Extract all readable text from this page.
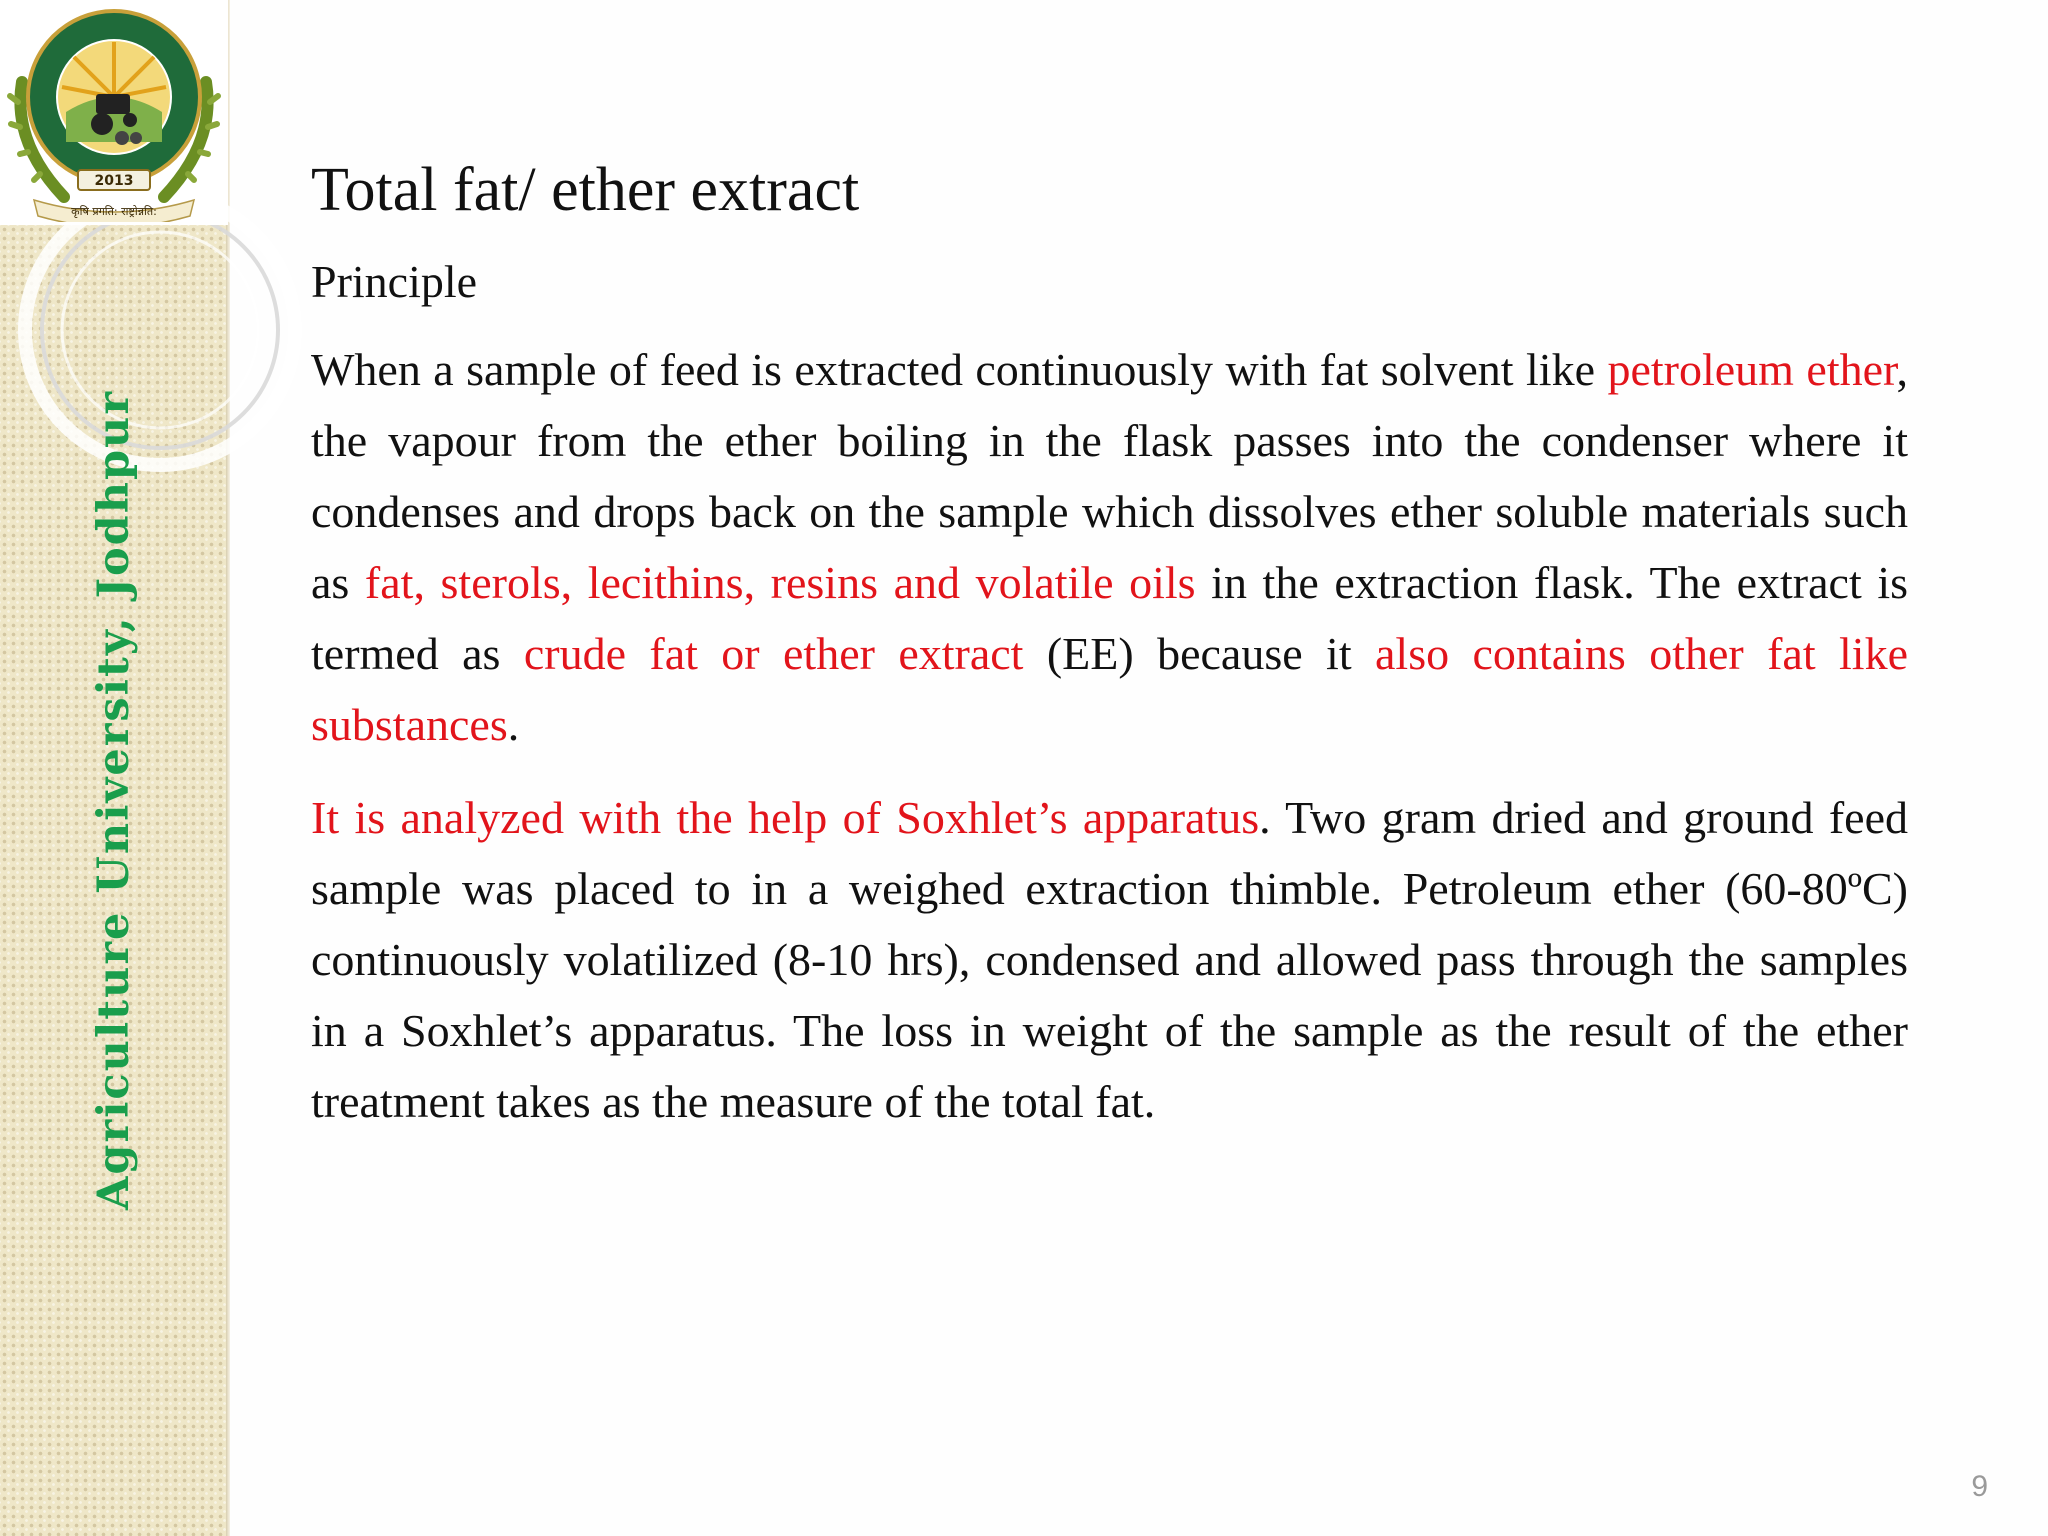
2013
कृषि प्रगति: राष्ट्रोन्नति:
Agriculture University, Jodhpur
Total fat/ ether extract
Principle

When a sample of feed is extracted continuously with fat solvent like petroleum ether, the vapour from the ether boiling in the flask passes into the condenser where it condenses and drops back on the sample which dissolves ether soluble materials such as fat, sterols, lecithins, resins and volatile oils in the extraction flask. The extract is termed as crude fat or ether extract (EE) because it also contains other fat like substances.

It is analyzed with the help of Soxhlet’s apparatus. Two gram dried and ground feed sample was placed to in a weighed extraction thimble. Petroleum ether (60-80ºC) continuously volatilized (8-10 hrs), condensed and allowed pass through the samples in a Soxhlet’s apparatus. The loss in weight of the sample as the result of the ether treatment takes as the measure of the total fat.

9
